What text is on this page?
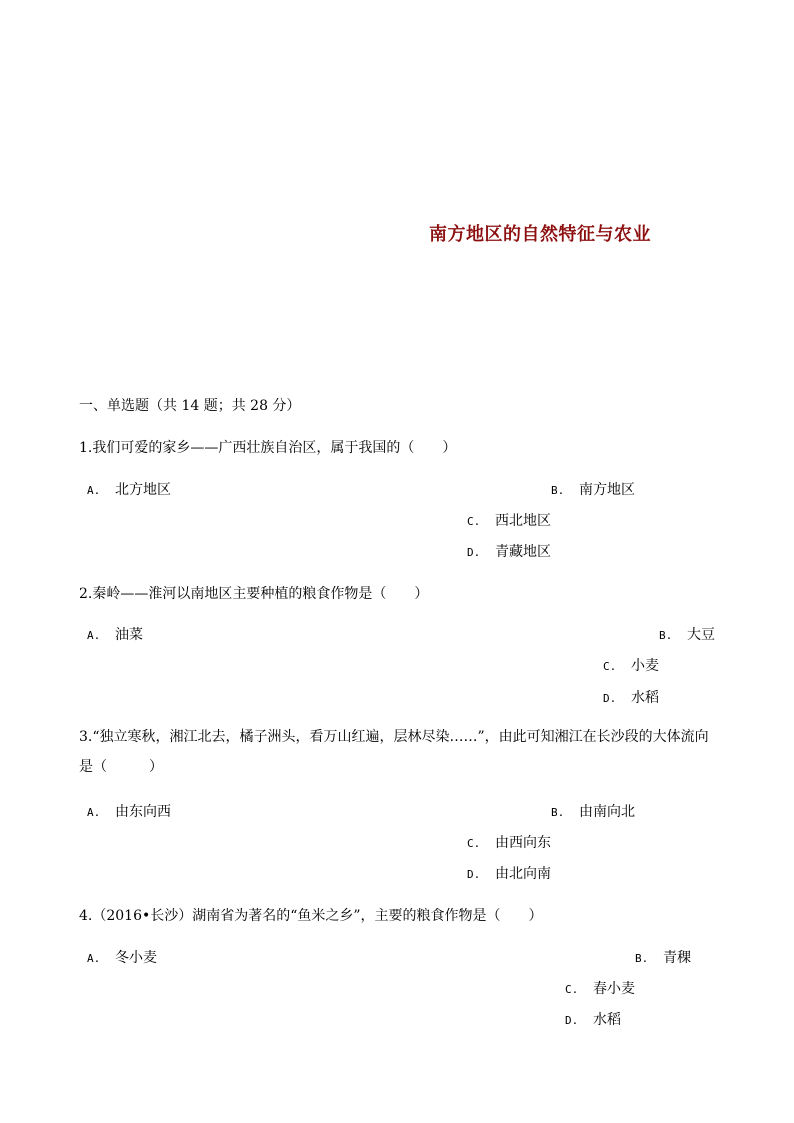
南方地区的自然特征与农业
一、单选题（共 14 题；共 28 分）
1.我们可爱的家乡——广西壮族自治区，属于我国的（　　）
A. 北方地区	B. 南方地区
C. 西北地区
D. 青藏地区
2.秦岭——淮河以南地区主要种植的粮食作物是（　　）
A. 油菜	B. 大豆
C. 小麦
D. 水稻
3.“独立寒秋，湘江北去，橘子洲头，看万山红遍，层林尽染……”，由此可知湘江在长沙段的大体流向是（　　　）
A. 由东向西	B. 由南向北
C. 由西向东
D. 由北向南
4.（2016•长沙）湖南省为著名的“鱼米之乡”，主要的粮食作物是（　　）
A. 冬小麦	B. 青稞
C. 春小麦
D. 水稻
